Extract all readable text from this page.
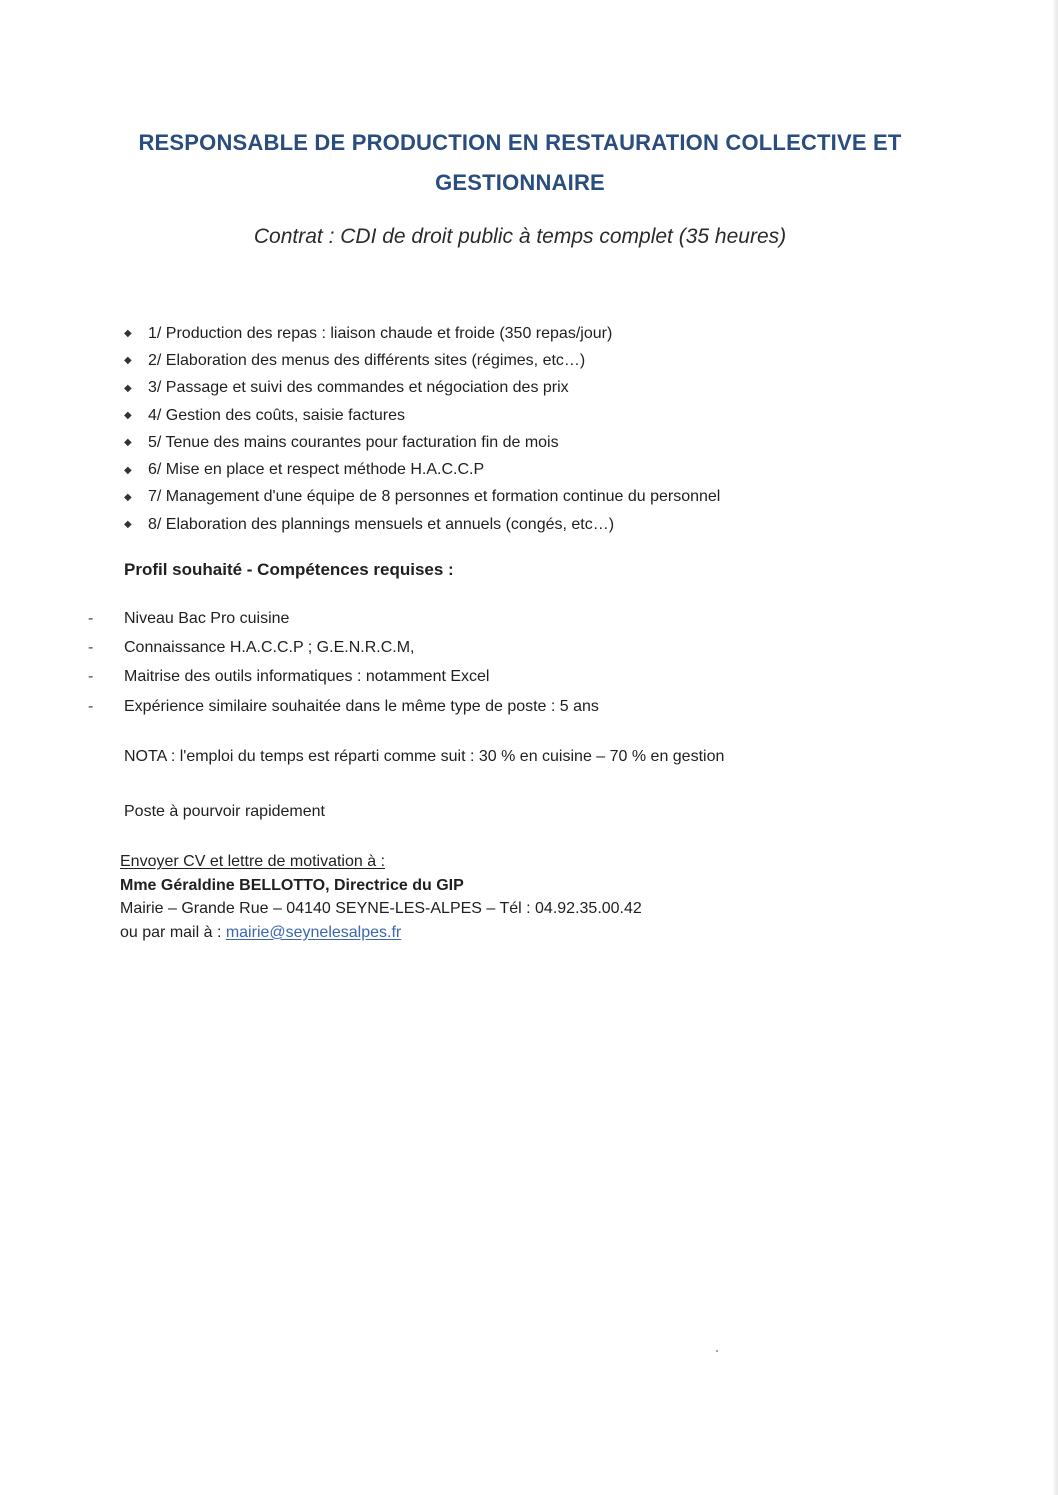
RESPONSABLE DE PRODUCTION EN RESTAURATION COLLECTIVE ET
GESTIONNAIRE
Contrat : CDI de droit public à temps complet (35 heures)
◆	1/ Production des repas : liaison chaude et froide (350 repas/jour)
◆	2/ Elaboration des menus des différents sites (régimes, etc…)
◆	3/ Passage et suivi des commandes et négociation des prix
◆	4/ Gestion des coûts, saisie factures
◆	5/ Tenue des mains courantes pour facturation fin de mois
◆	6/ Mise en place et respect méthode H.A.C.C.P
◆	7/ Management d'une équipe de 8 personnes et formation continue du personnel
◆	8/ Elaboration des plannings mensuels et annuels (congés, etc…)
Profil souhaité - Compétences requises :
-	Niveau Bac Pro cuisine
-	Connaissance H.A.C.C.P ; G.E.N.R.C.M,
-	Maitrise des outils informatiques : notamment Excel
-	Expérience similaire souhaitée dans le même type de poste : 5 ans
NOTA : l'emploi du temps est réparti comme suit : 30 % en cuisine – 70 % en gestion
Poste à pourvoir rapidement
Envoyer CV et lettre de motivation à :
Mme Géraldine BELLOTTO, Directrice du GIP
Mairie – Grande Rue – 04140 SEYNE-LES-ALPES – Tél : 04.92.35.00.42
ou par mail à : mairie@seynelesalpes.fr
